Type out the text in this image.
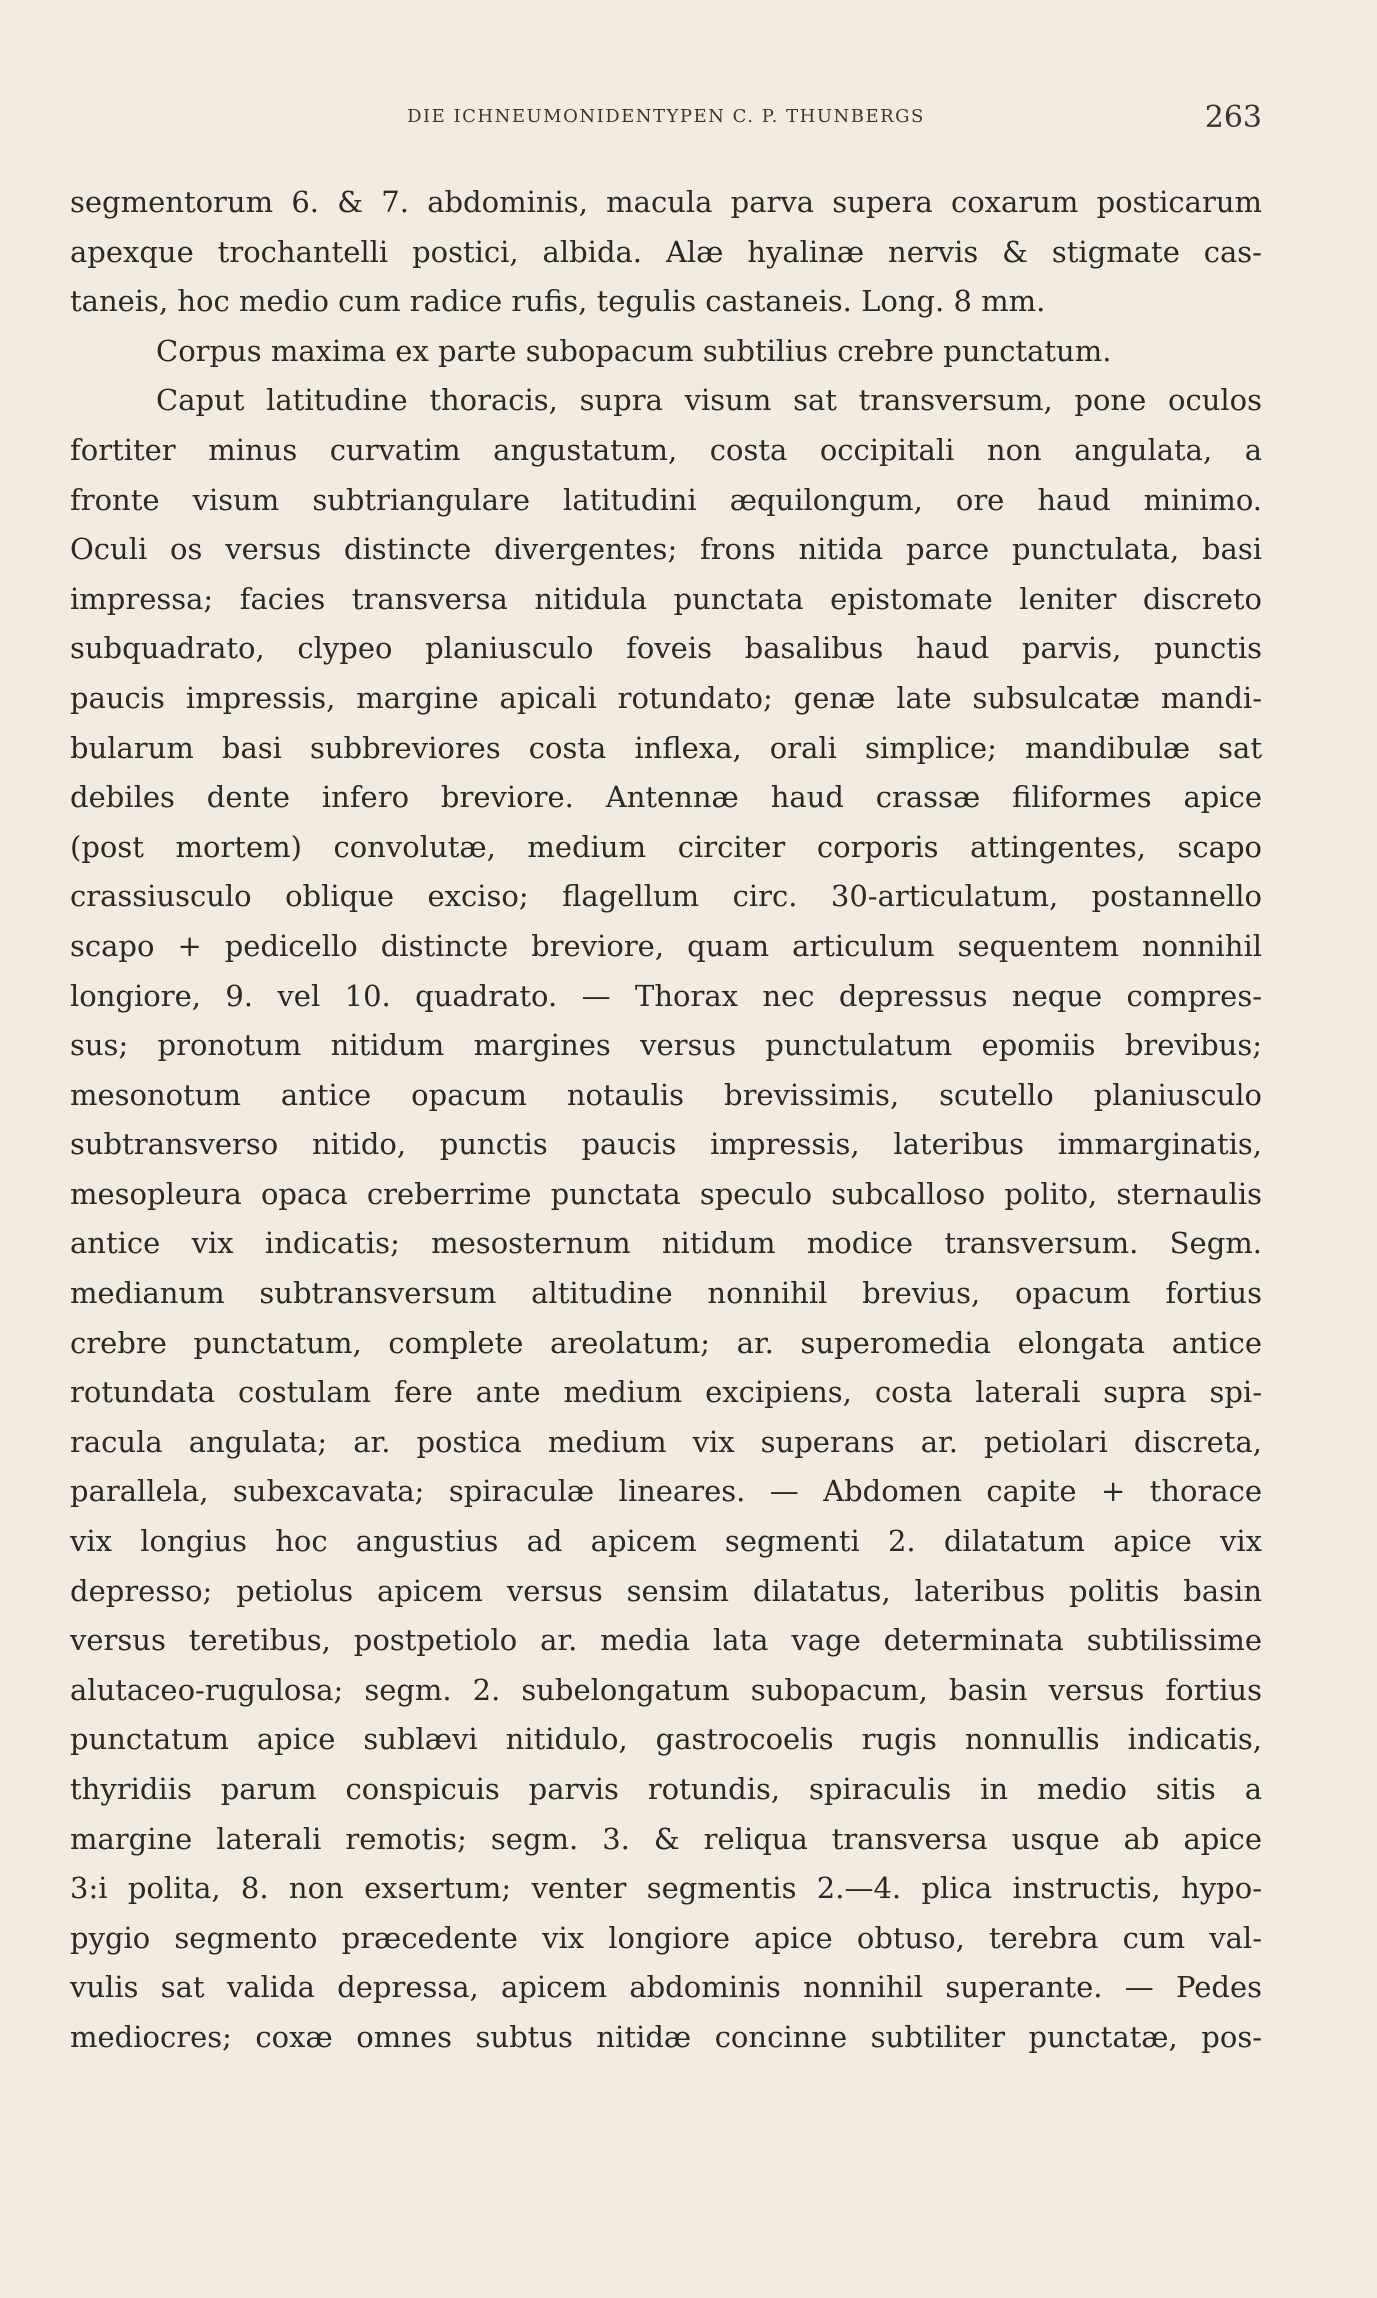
DIE ICHNEUMONIDENTYPEN C. P. THUNBERGS	263
segmentorum 6. & 7. abdominis, macula parva supera coxarum posticarum
apexque trochantelli postici, albida. Alæ hyalinæ nervis & stigmate cas-
taneis, hoc medio cum radice rufis, tegulis castaneis. Long. 8 mm.
Corpus maxima ex parte subopacum subtilius crebre punctatum.
Caput latitudine thoracis, supra visum sat transversum, pone oculos
fortiter minus curvatim angustatum, costa occipitali non angulata, a
fronte visum subtriangulare latitudini æquilongum, ore haud minimo.
Oculi os versus distincte divergentes; frons nitida parce punctulata, basi
impressa; facies transversa nitidula punctata epistomate leniter discreto
subquadrato, clypeo planiusculo foveis basalibus haud parvis, punctis
paucis impressis, margine apicali rotundato; genæ late subsulcatæ mandi-
bularum basi subbreviores costa inflexa, orali simplice; mandibulæ sat
debiles dente infero breviore. Antennæ haud crassæ filiformes apice
(post mortem) convolutæ, medium circiter corporis attingentes, scapo
crassiusculo oblique exciso; flagellum circ. 30-articulatum, postannello
scapo + pedicello distincte breviore, quam articulum sequentem nonnihil
longiore, 9. vel 10. quadrato. — Thorax nec depressus neque compres-
sus; pronotum nitidum margines versus punctulatum epomiis brevibus;
mesonotum antice opacum notaulis brevissimis, scutello planiusculo
subtransverso nitido, punctis paucis impressis, lateribus immarginatis,
mesopleura opaca creberrime punctata speculo subcalloso polito, sternaulis
antice vix indicatis; mesosternum nitidum modice transversum. Segm.
medianum subtransversum altitudine nonnihil brevius, opacum fortius
crebre punctatum, complete areolatum; ar. superomedia elongata antice
rotundata costulam fere ante medium excipiens, costa laterali supra spi-
racula angulata; ar. postica medium vix superans ar. petiolari discreta,
parallela, subexcavata; spiraculæ lineares. — Abdomen capite + thorace
vix longius hoc angustius ad apicem segmenti 2. dilatatum apice vix
depresso; petiolus apicem versus sensim dilatatus, lateribus politis basin
versus teretibus, postpetiolo ar. media lata vage determinata subtilissime
alutaceo-rugulosa; segm. 2. subelongatum subopacum, basin versus fortius
punctatum apice sublævi nitidulo, gastrocoelis rugis nonnullis indicatis,
thyridiis parum conspicuis parvis rotundis, spiraculis in medio sitis a
margine laterali remotis; segm. 3. & reliqua transversa usque ab apice
3:i polita, 8. non exsertum; venter segmentis 2.—4. plica instructis, hypo-
pygio segmento præcedente vix longiore apice obtuso, terebra cum val-
vulis sat valida depressa, apicem abdominis nonnihil superante. — Pedes
mediocres; coxæ omnes subtus nitidæ concinne subtiliter punctatæ, pos-
